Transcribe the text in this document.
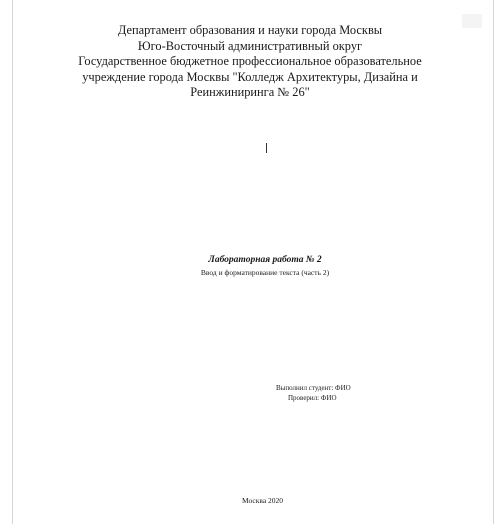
Департамент образования и науки города Москвы
Юго-Восточный административный округ
Государственное бюджетное профессиональное образовательное
учреждение города Москвы "Колледж Архитектуры, Дизайна и
Реинжиниринга № 26"
Лабораторная работа № 2
Ввод и форматирование текста (часть 2)
Выполнил студент: ФИО
Проверил: ФИО
Москва 2020
